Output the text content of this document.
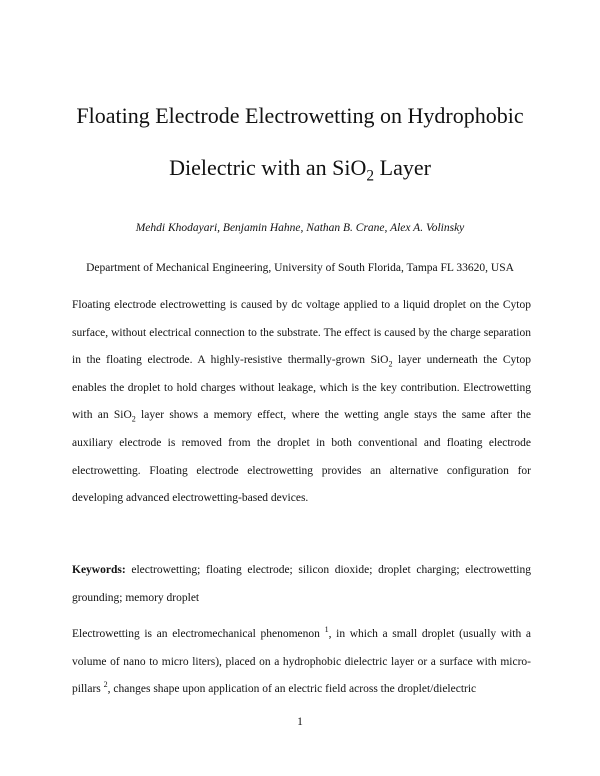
Floating Electrode Electrowetting on Hydrophobic
Dielectric with an SiO$_2$ Layer
Mehdi Khodayari, Benjamin Hahne, Nathan B. Crane, Alex A. Volinsky
Department of Mechanical Engineering, University of South Florida, Tampa FL 33620, USA

Floating electrode electrowetting is caused by dc voltage applied to a liquid droplet on the Cytop surface, without electrical connection to the substrate. The effect is caused by the charge separation in the floating electrode. A highly-resistive thermally-grown SiO$_2$ layer underneath the Cytop enables the droplet to hold charges without leakage, which is the key contribution. Electrowetting with an SiO$_2$ layer shows a memory effect, where the wetting angle stays the same after the auxiliary electrode is removed from the droplet in both conventional and floating electrode electrowetting. Floating electrode electrowetting provides an alternative configuration for developing advanced electrowetting-based devices.

Keywords: electrowetting; floating electrode; silicon dioxide; droplet charging; electrowetting grounding; memory droplet

Electrowetting is an electromechanical phenomenon $^1$, in which a small droplet (usually with a volume of nano to micro liters), placed on a hydrophobic dielectric layer or a surface with micro-pillars $^2$, changes shape upon application of an electric field across the droplet/dielectric

1
